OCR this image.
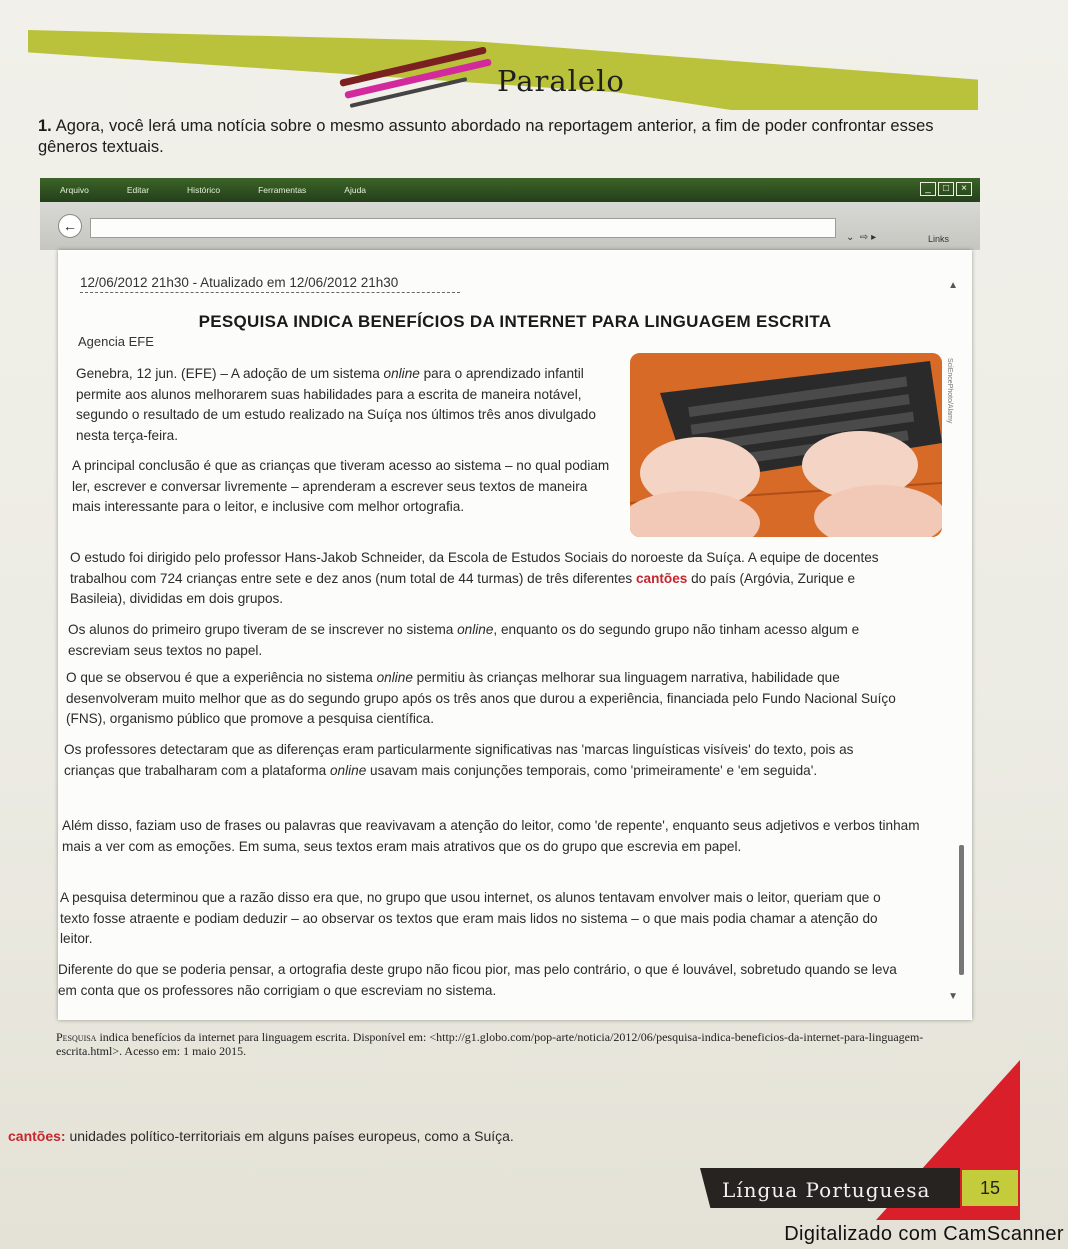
Paralelo
1. Agora, você lerá uma notícia sobre o mesmo assunto abordado na reportagem anterior, a fim de poder confrontar esses gêneros textuais.
Arquivo	Editar	Histórico	Ferramentas	Ajuda	_	□	×
←
⌄  ⇨ ▸	Links
12/06/2012 21h30 - Atualizado em 12/06/2012 21h30	▲
▼
PESQUISA INDICA BENEFÍCIOS DA INTERNET PARA LINGUAGEM ESCRITA
Agencia EFE
SciEncePhoto/Alamy
Genebra, 12 jun. (EFE) – A adoção de um sistema online para o aprendizado infantil permite aos alunos melhorarem suas habilidades para a escrita de maneira notável, segundo o resultado de um estudo realizado na Suíça nos últimos três anos divulgado nesta terça-feira.
A principal conclusão é que as crianças que tiveram acesso ao sistema – no qual podiam ler, escrever e conversar livremente – aprenderam a escrever seus textos de maneira mais interessante para o leitor, e inclusive com melhor ortografia.
O estudo foi dirigido pelo professor Hans-Jakob Schneider, da Escola de Estudos Sociais do noroeste da Suíça. A equipe de docentes trabalhou com 724 crianças entre sete e dez anos (num total de 44 turmas) de três diferentes cantões do país (Argóvia, Zurique e Basileia), divididas em dois grupos.
Os alunos do primeiro grupo tiveram de se inscrever no sistema online, enquanto os do segundo grupo não tinham acesso algum e escreviam seus textos no papel.
O que se observou é que a experiência no sistema online permitiu às crianças melhorar sua linguagem narrativa, habilidade que desenvolveram muito melhor que as do segundo grupo após os três anos que durou a experiência, financiada pelo Fundo Nacional Suíço (FNS), organismo público que promove a pesquisa científica.
Os professores detectaram que as diferenças eram particularmente significativas nas 'marcas linguísticas visíveis' do texto, pois as crianças que trabalharam com a plataforma online usavam mais conjunções temporais, como 'primeiramente' e 'em seguida'.
Além disso, faziam uso de frases ou palavras que reavivavam a atenção do leitor, como 'de repente', enquanto seus adjetivos e verbos tinham mais a ver com as emoções. Em suma, seus textos eram mais atrativos que os do grupo que escrevia em papel.
A pesquisa determinou que a razão disso era que, no grupo que usou internet, os alunos tentavam envolver mais o leitor, queriam que o texto fosse atraente e podiam deduzir – ao observar os textos que eram mais lidos no sistema – o que mais podia chamar a atenção do leitor.
Diferente do que se poderia pensar, a ortografia deste grupo não ficou pior, mas pelo contrário, o que é louvável, sobretudo quando se leva em conta que os professores não corrigiam o que escreviam no sistema.
Pesquisa indica benefícios da internet para linguagem escrita. Disponível em: <http://g1.globo.com/pop-arte/noticia/2012/06/pesquisa-indica-beneficios-da-internet-para-linguagem-escrita.html>. Acesso em: 1 maio 2015.
cantões: unidades político-territoriais em alguns países europeus, como a Suíça.
Língua Portuguesa	15
Digitalizado com CamScanner
